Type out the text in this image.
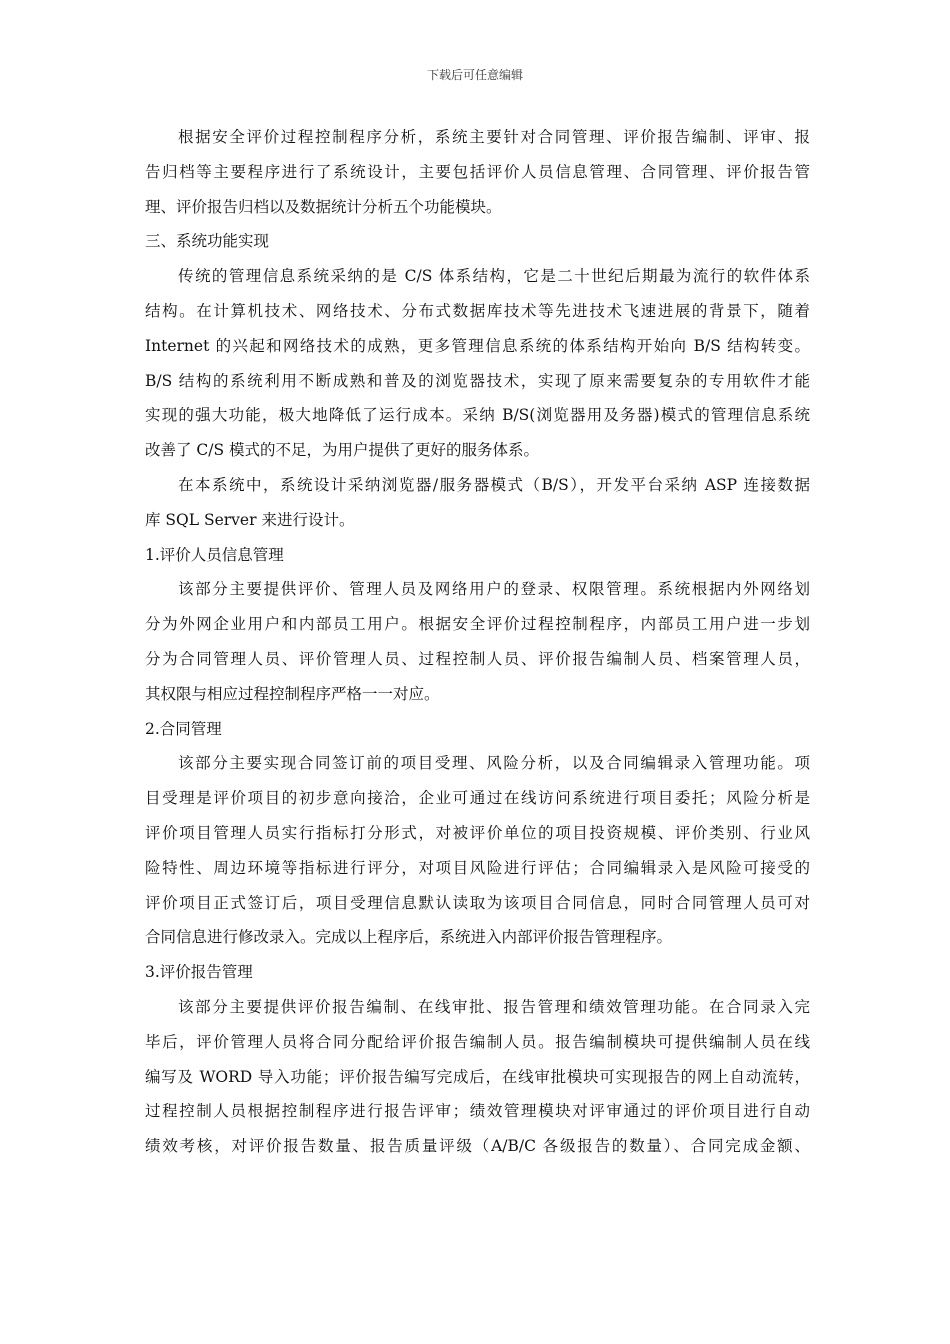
下载后可任意编辑
根据安全评价过程控制程序分析，系统主要针对合同管理、评价报告编制、评审、报
告归档等主要程序进行了系统设计，主要包括评价人员信息管理、合同管理、评价报告管
理、评价报告归档以及数据统计分析五个功能模块。
三、系统功能实现
传统的管理信息系统采纳的是 C/S 体系结构，它是二十世纪后期最为流行的软件体系
结构。在计算机技术、网络技术、分布式数据库技术等先进技术飞速进展的背景下，随着
Internet 的兴起和网络技术的成熟，更多管理信息系统的体系结构开始向 B/S 结构转变。
B/S 结构的系统利用不断成熟和普及的浏览器技术，实现了原来需要复杂的专用软件才能
实现的强大功能，极大地降低了运行成本。采纳 B/S(浏览器用及务器)模式的管理信息系统
改善了 C/S 模式的不足，为用户提供了更好的服务体系。
在本系统中，系统设计采纳浏览器/服务器模式（B/S），开发平台采纳 ASP 连接数据
库 SQL Server 来进行设计。
1.评价人员信息管理
该部分主要提供评价、管理人员及网络用户的登录、权限管理。系统根据内外网络划
分为外网企业用户和内部员工用户。根据安全评价过程控制程序，内部员工用户进一步划
分为合同管理人员、评价管理人员、过程控制人员、评价报告编制人员、档案管理人员，
其权限与相应过程控制程序严格一一对应。
2.合同管理
该部分主要实现合同签订前的项目受理、风险分析，以及合同编辑录入管理功能。项
目受理是评价项目的初步意向接洽，企业可通过在线访问系统进行项目委托；风险分析是
评价项目管理人员实行指标打分形式，对被评价单位的项目投资规模、评价类别、行业风
险特性、周边环境等指标进行评分，对项目风险进行评估；合同编辑录入是风险可接受的
评价项目正式签订后，项目受理信息默认读取为该项目合同信息，同时合同管理人员可对
合同信息进行修改录入。完成以上程序后，系统进入内部评价报告管理程序。
3.评价报告管理
该部分主要提供评价报告编制、在线审批、报告管理和绩效管理功能。在合同录入完
毕后，评价管理人员将合同分配给评价报告编制人员。报告编制模块可提供编制人员在线
编写及 WORD 导入功能；评价报告编写完成后，在线审批模块可实现报告的网上自动流转，
过程控制人员根据控制程序进行报告评审；绩效管理模块对评审通过的评价项目进行自动
绩效考核，对评价报告数量、报告质量评级（A/B/C 各级报告的数量）、合同完成金额、
